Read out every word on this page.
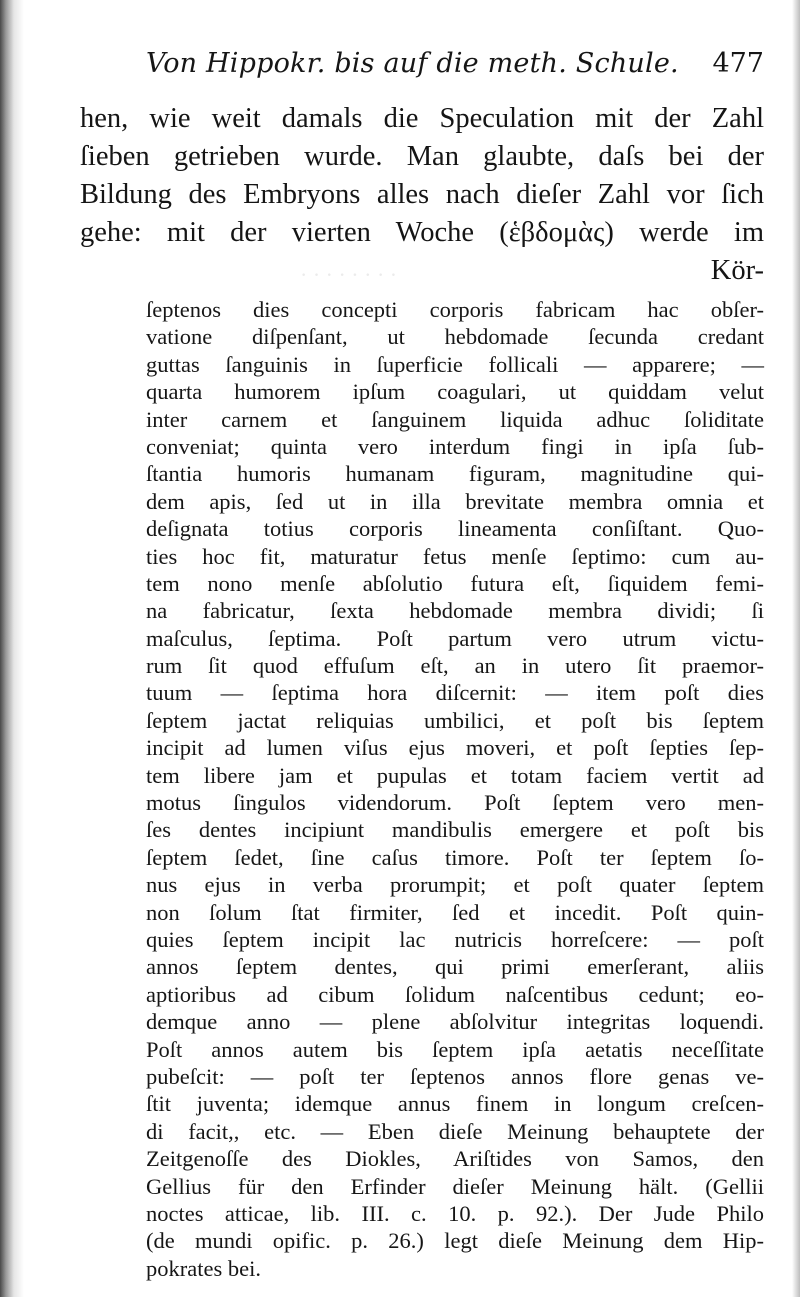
· · · · · · · ·
Von Hippokr. bis auf die meth. Schule. 477
hen, wie weit damals die Speculation mit der Zahl
ſieben getrieben wurde. Man glaubte, daſs bei der
Bildung des Embryons alles nach dieſer Zahl vor ſich
gehe: mit der vierten Woche (ἑβδομὰς) werde im
Kör-
ſeptenos dies concepti corporis fabricam hac obſer-
vatione diſpenſant, ut hebdomade ſecunda credant
guttas ſanguinis in ſuperficie follicali — apparere; —
quarta humorem ipſum coagulari, ut quiddam velut
inter carnem et ſanguinem liquida adhuc ſoliditate
conveniat; quinta vero interdum fingi in ipſa ſub-
ſtantia humoris humanam figuram, magnitudine qui-
dem apis, ſed ut in illa brevitate membra omnia et
deſignata totius corporis lineamenta conſiſtant. Quo-
ties hoc fit, maturatur fetus menſe ſeptimo: cum au-
tem nono menſe abſolutio futura eſt, ſiquidem femi-
na fabricatur, ſexta hebdomade membra dividi; ſi
maſculus, ſeptima. Poſt partum vero utrum victu-
rum ſit quod effuſum eſt, an in utero ſit praemor-
tuum — ſeptima hora diſcernit: — item poſt dies
ſeptem jactat reliquias umbilici, et poſt bis ſeptem
incipit ad lumen viſus ejus moveri, et poſt ſepties ſep-
tem libere jam et pupulas et totam faciem vertit ad
motus ſingulos videndorum. Poſt ſeptem vero men-
ſes dentes incipiunt mandibulis emergere et poſt bis
ſeptem ſedet, ſine caſus timore. Poſt ter ſeptem ſo-
nus ejus in verba prorumpit; et poſt quater ſeptem
non ſolum ſtat firmiter, ſed et incedit. Poſt quin-
quies ſeptem incipit lac nutricis horreſcere: — poſt
annos ſeptem dentes, qui primi emerſerant, aliis
aptioribus ad cibum ſolidum naſcentibus cedunt; eo-
demque anno — plene abſolvitur integritas loquendi.
Poſt annos autem bis ſeptem ipſa aetatis neceſſitate
pubeſcit: — poſt ter ſeptenos annos flore genas ve-
ſtit juventa; idemque annus finem in longum creſcen-
di facit,, etc. — Eben dieſe Meinung behauptete der
Zeitgenoſſe des Diokles, Ariſtides von Samos, den
Gellius für den Erfinder dieſer Meinung hält. (Gellii
noctes atticae, lib. III. c. 10. p. 92.). Der Jude Philo
(de mundi opific. p. 26.) legt dieſe Meinung dem Hip-
pokrates bei.
